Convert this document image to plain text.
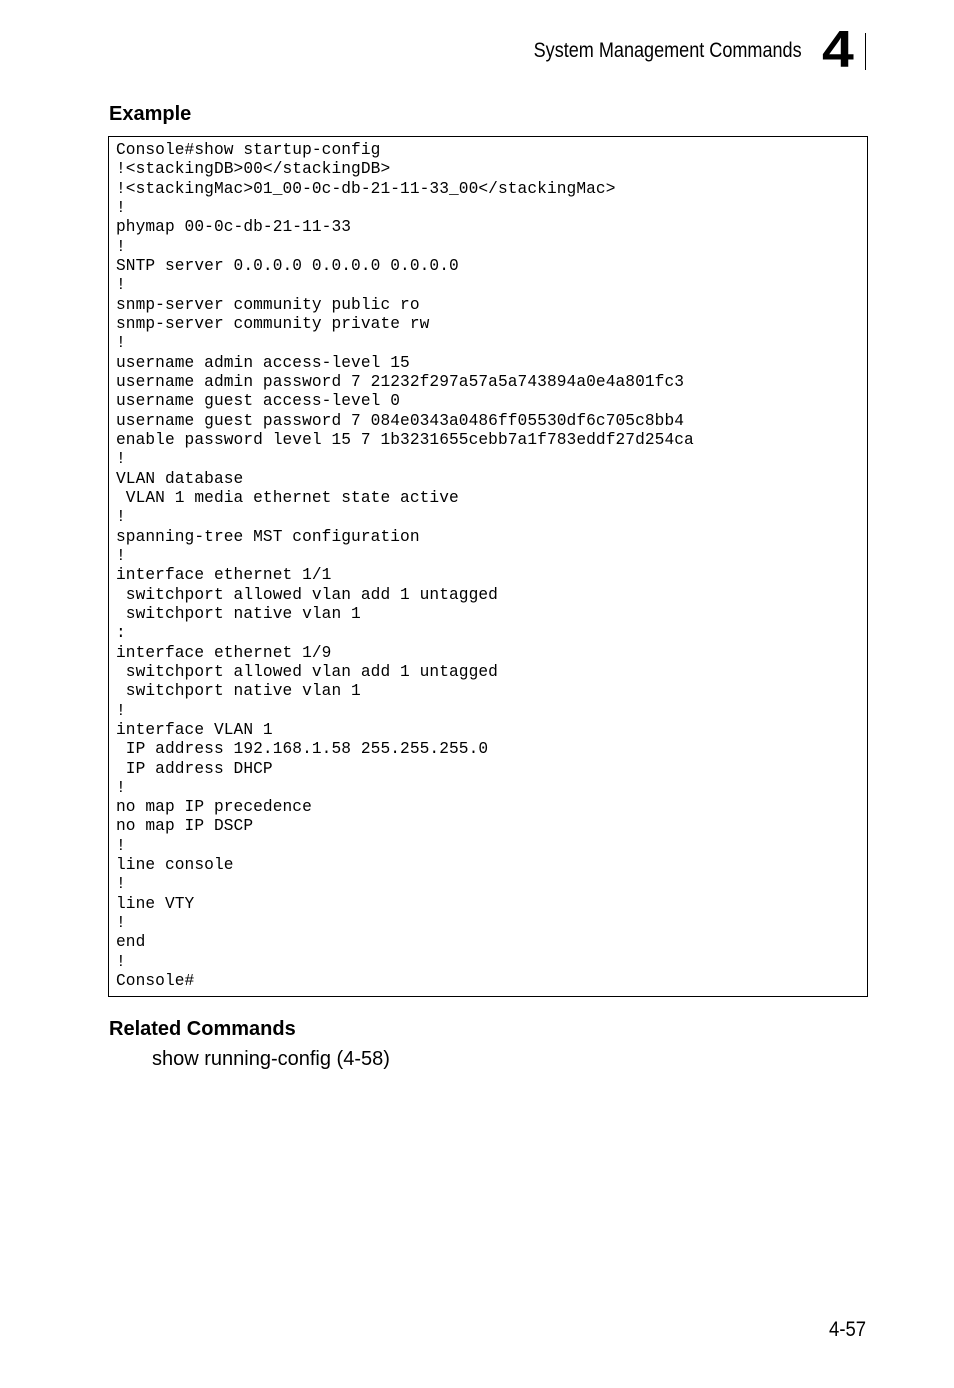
System Management Commands 4
Example
Console#show startup-config
!<stackingDB>00</stackingDB>
!<stackingMac>01_00-0c-db-21-11-33_00</stackingMac>
!
phymap 00-0c-db-21-11-33
!
SNTP server 0.0.0.0 0.0.0.0 0.0.0.0
!
snmp-server community public ro
snmp-server community private rw
!
username admin access-level 15
username admin password 7 21232f297a57a5a743894a0e4a801fc3
username guest access-level 0
username guest password 7 084e0343a0486ff05530df6c705c8bb4
enable password level 15 7 1b3231655cebb7a1f783eddf27d254ca
!
VLAN database
VLAN 1 media ethernet state active
!
spanning-tree MST configuration
!
interface ethernet 1/1
switchport allowed vlan add 1 untagged
switchport native vlan 1
:
interface ethernet 1/9
switchport allowed vlan add 1 untagged
switchport native vlan 1
!
interface VLAN 1
IP address 192.168.1.58 255.255.255.0
IP address DHCP
!
no map IP precedence
no map IP DSCP
!
line console
!
line VTY
!
end
!
Console#
Related Commands
show running-config (4-58)
4-57
